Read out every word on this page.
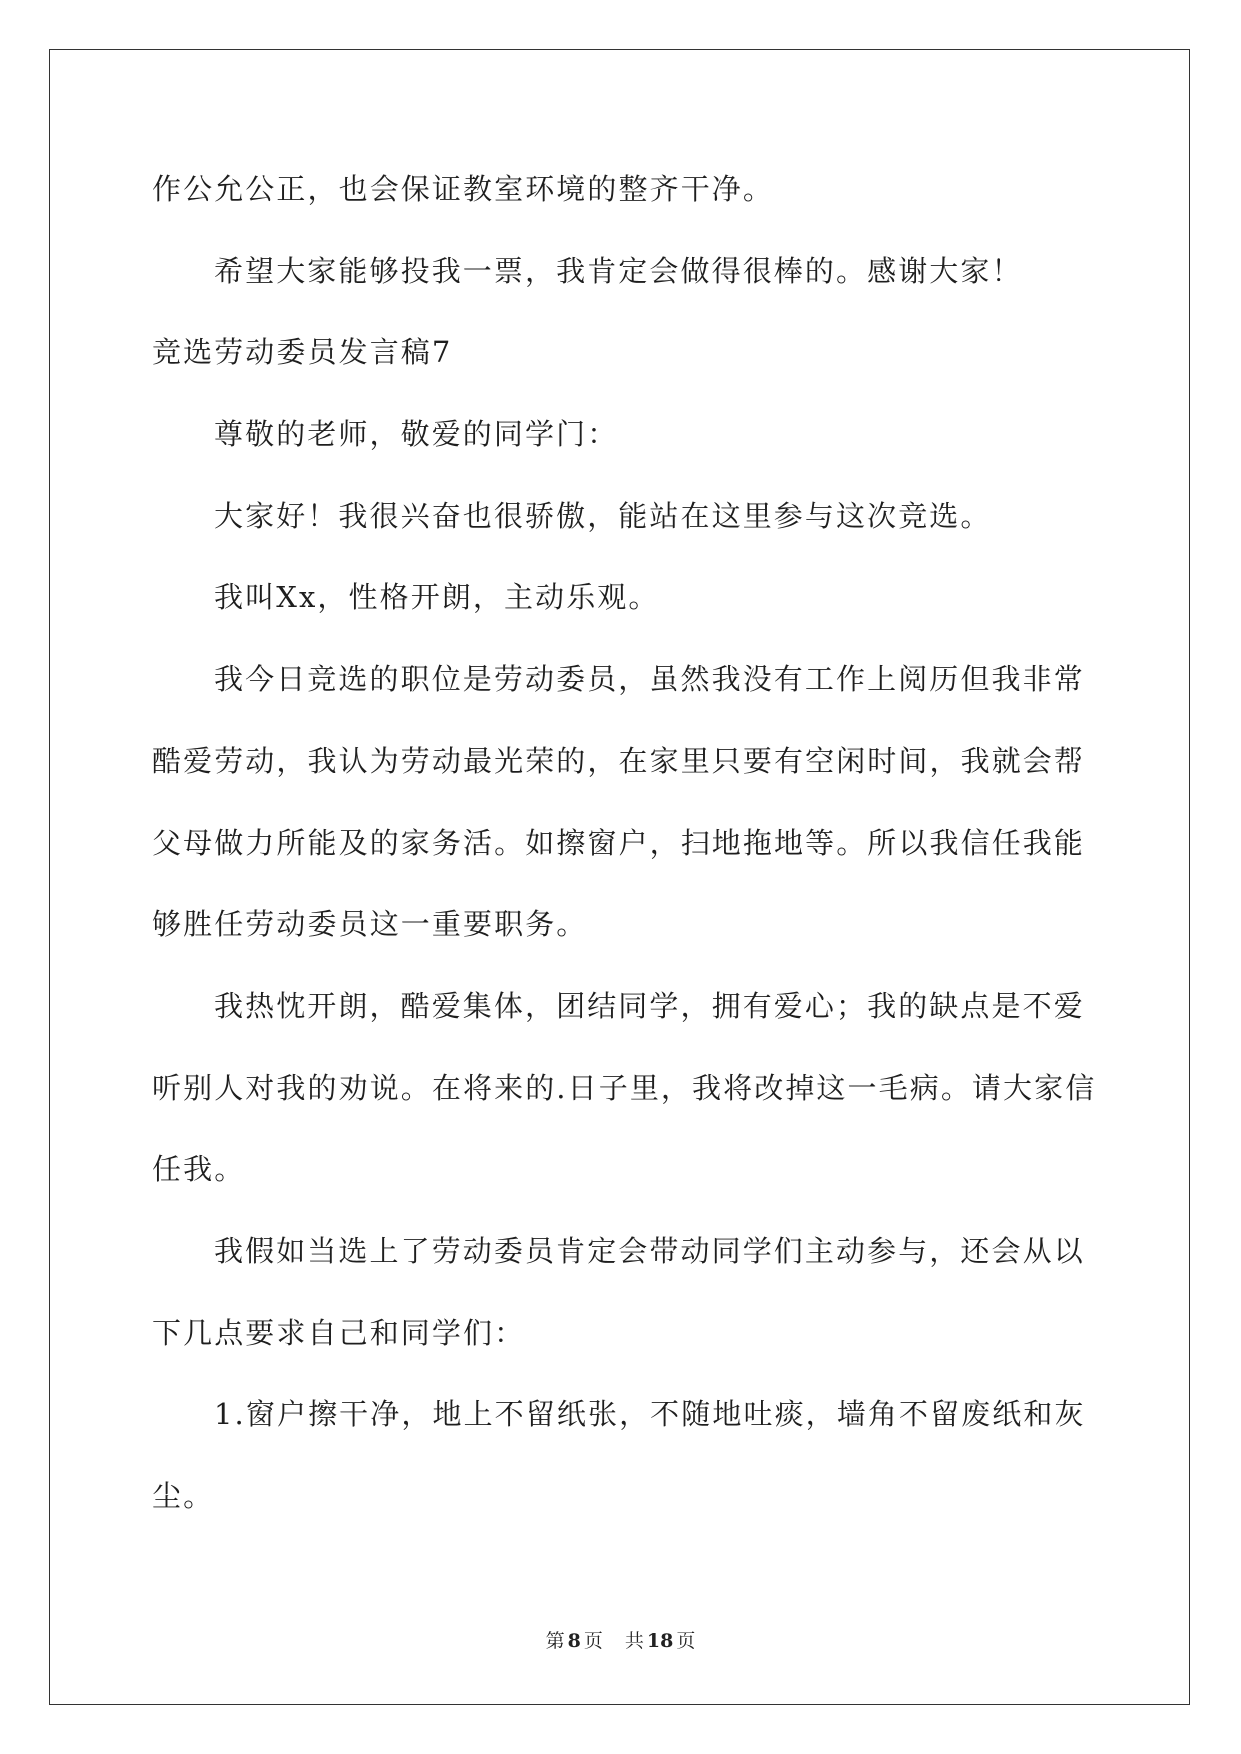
作公允公正，也会保证教室环境的整齐干净。
希望大家能够投我一票，我肯定会做得很棒的。感谢大家！
竞选劳动委员发言稿7
尊敬的老师，敬爱的同学门：
大家好！我很兴奋也很骄傲，能站在这里参与这次竞选。
我叫Xx，性格开朗，主动乐观。
我今日竞选的职位是劳动委员，虽然我没有工作上阅历但我非常
酷爱劳动，我认为劳动最光荣的，在家里只要有空闲时间，我就会帮
父母做力所能及的家务活。如擦窗户，扫地拖地等。所以我信任我能
够胜任劳动委员这一重要职务。
我热忱开朗，酷爱集体，团结同学，拥有爱心；我的缺点是不爱
听别人对我的劝说。在将来的.日子里，我将改掉这一毛病。请大家信
任我。
我假如当选上了劳动委员肯定会带动同学们主动参与，还会从以
下几点要求自己和同学们：
1.窗户擦干净，地上不留纸张，不随地吐痰，墙角不留废纸和灰
尘。
第 8 页 共 18 页
